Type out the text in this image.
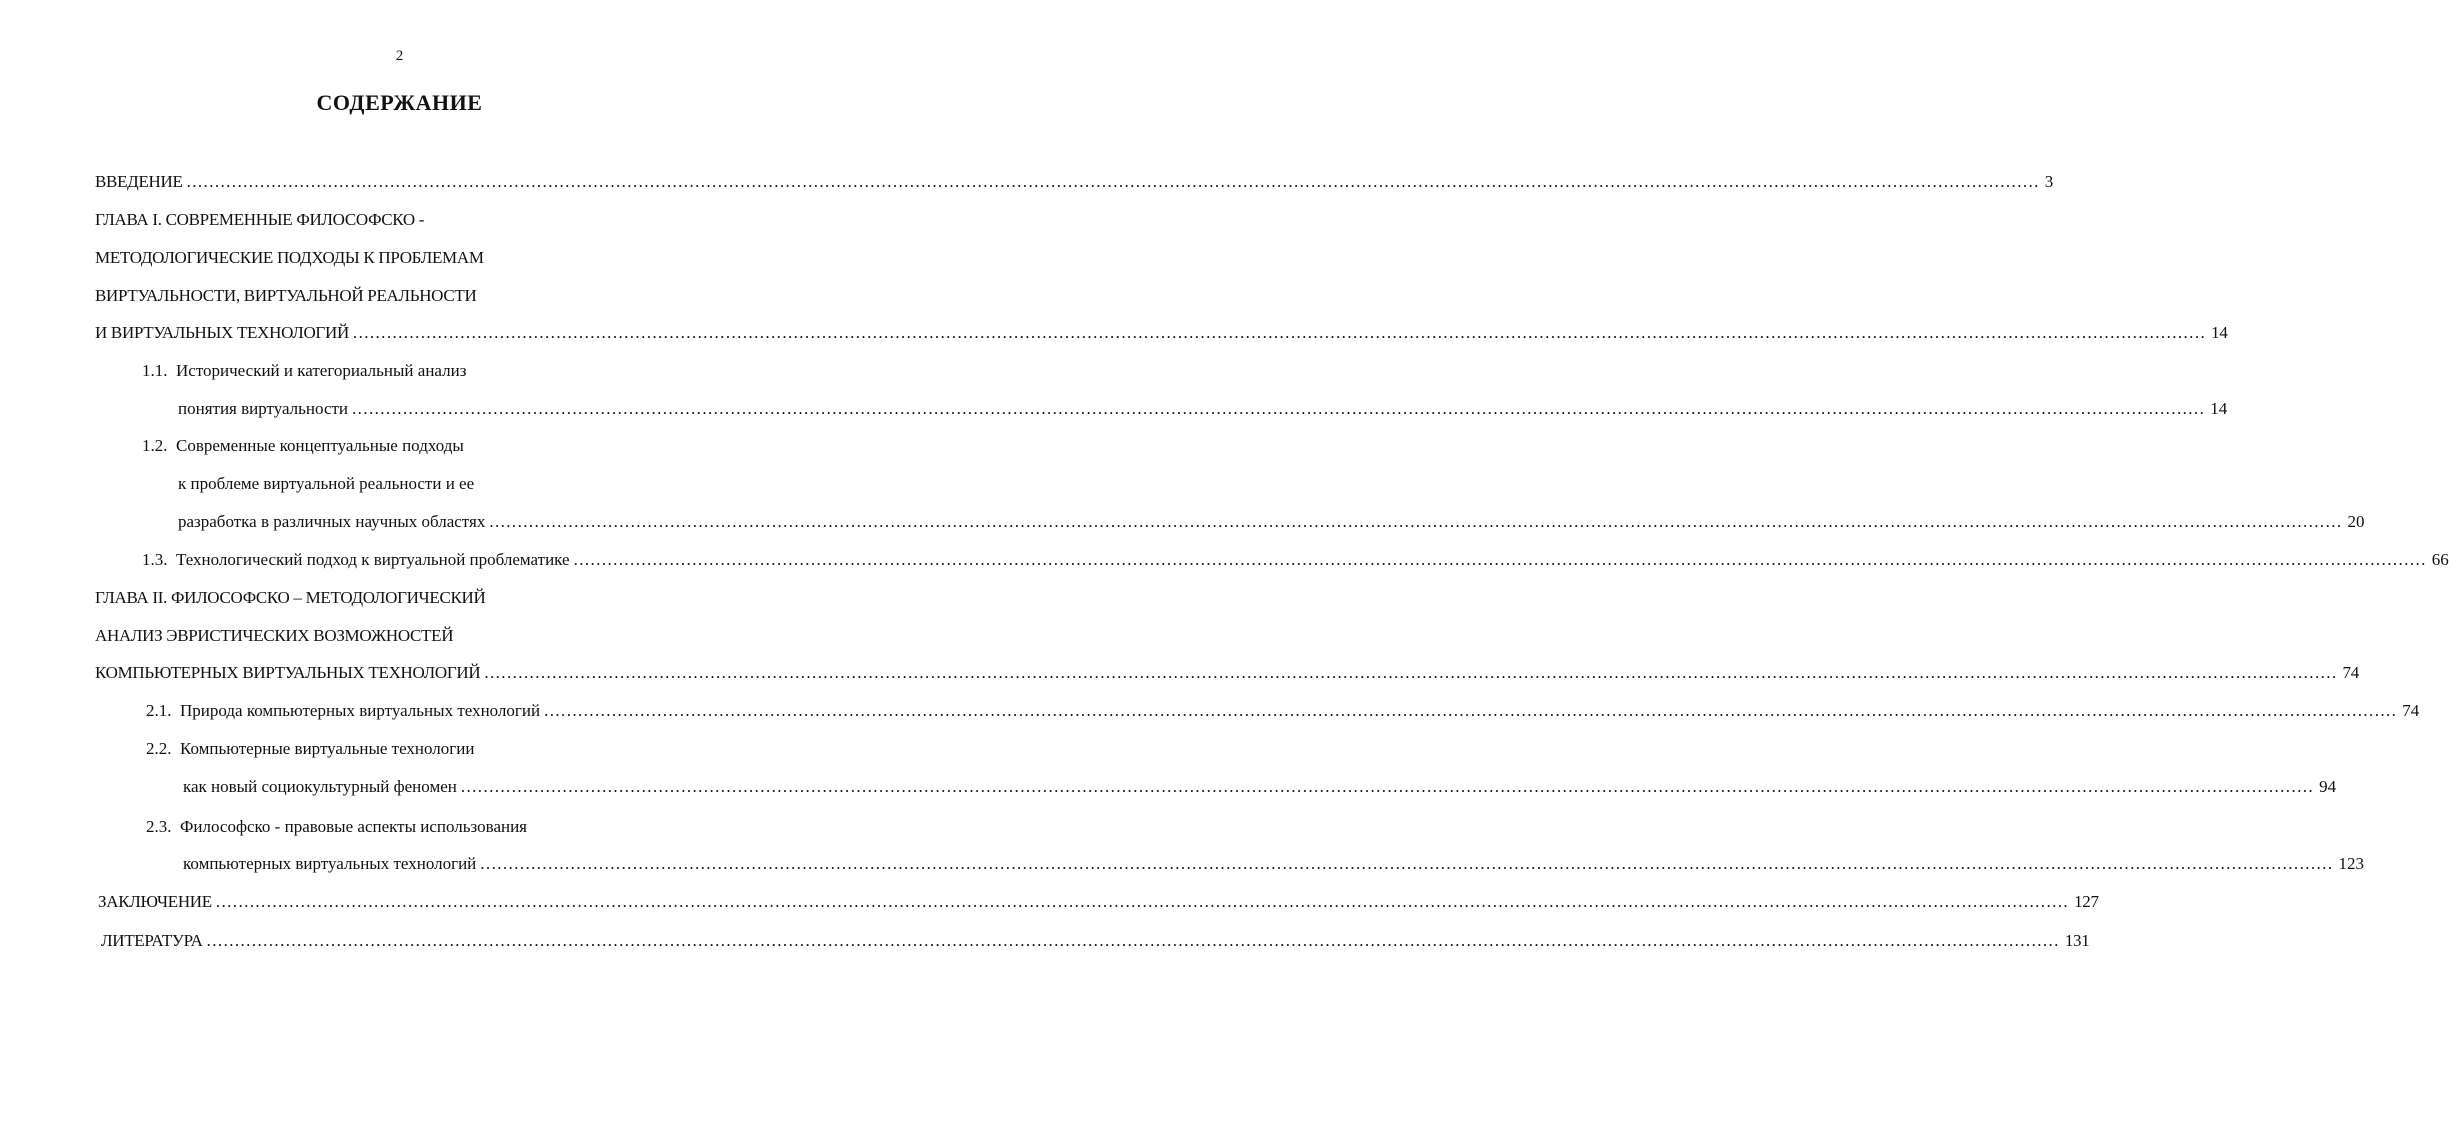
2
СОДЕРЖАНИЕ
ВВЕДЕНИЕ ........................................................................................................................................................................................................................................................................................................................................ 3
ГЛАВА I. СОВРЕМЕННЫЕ ФИЛОСОФСКО -
МЕТОДОЛОГИЧЕСКИЕ ПОДХОДЫ К ПРОБЛЕМАМ
ВИРТУАЛЬНОСТИ, ВИРТУАЛЬНОЙ РЕАЛЬНОСТИ
И ВИРТУАЛЬНЫХ ТЕХНОЛОГИЙ ........................................................................................................................................................................................................................................................................................................................................ 14
1.1. Исторический и категориальный анализ
понятия виртуальности ........................................................................................................................................................................................................................................................................................................................................ 14
1.2. Современные концептуальные подходы
к проблеме виртуальной реальности и ее
разработка в различных научных областях ........................................................................................................................................................................................................................................................................................................................................ 20
1.3. Технологический подход к виртуальной проблематике ........................................................................................................................................................................................................................................................................................................................................ 66
ГЛАВА II. ФИЛОСОФСКО – МЕТОДОЛОГИЧЕСКИЙ
АНАЛИЗ ЭВРИСТИЧЕСКИХ ВОЗМОЖНОСТЕЙ
КОМПЬЮТЕРНЫХ ВИРТУАЛЬНЫХ ТЕХНОЛОГИЙ ........................................................................................................................................................................................................................................................................................................................................ 74
2.1. Природа компьютерных виртуальных технологий ........................................................................................................................................................................................................................................................................................................................................ 74
2.2. Компьютерные виртуальные технологии
как новый социокультурный феномен ........................................................................................................................................................................................................................................................................................................................................ 94
2.3. Философско - правовые аспекты использования
компьютерных виртуальных технологий ........................................................................................................................................................................................................................................................................................................................................ 123
ЗАКЛЮЧЕНИЕ ........................................................................................................................................................................................................................................................................................................................................ 127
ЛИТЕРАТУРА ........................................................................................................................................................................................................................................................................................................................................ 131
